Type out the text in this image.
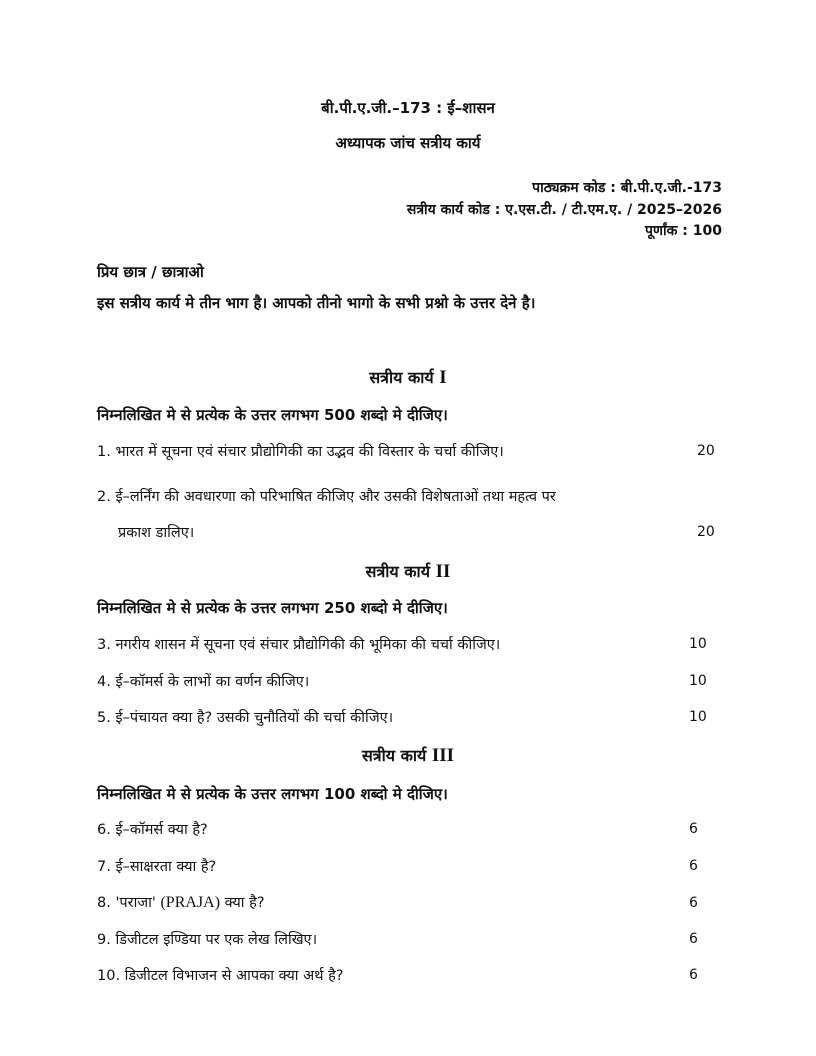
बी.पी.ए.जी.–173 : ई–शासन
अध्यापक जांच सत्रीय कार्य
पाठ्यक्रम कोड : बी.पी.ए.जी.-173
सत्रीय कार्य कोड : ए.एस.टी. / टी.एम.ए. / 2025–2026
पूर्णांक : 100
प्रिय छात्र / छात्राओ
इस सत्रीय कार्य मे तीन भाग है। आपको तीनो भागो के सभी प्रश्नो के उत्तर देने है।
सत्रीय कार्य I
निम्नलिखित मे से प्रत्येक के उत्तर लगभग 500 शब्दो मे दीजिए।
1. भारत में सूचना एवं संचार प्रौद्योगिकी का उद्भव की विस्तार के चर्चा कीजिए।	20
2. ई–लर्निंग की अवधारणा को परिभाषित कीजिए और उसकी विशेषताओं तथा महत्व पर
प्रकाश डालिए।	20
सत्रीय कार्य II
निम्नलिखित मे से प्रत्येक के उत्तर लगभग 250 शब्दो मे दीजिए।
3. नगरीय शासन में सूचना एवं संचार प्रौद्योगिकी की भूमिका की चर्चा कीजिए।	10
4. ई–कॉमर्स के लाभों का वर्णन कीजिए।	10
5. ई–पंचायत क्या है? उसकी चुनौतियों की चर्चा कीजिए।	10
सत्रीय कार्य III
निम्नलिखित मे से प्रत्येक के उत्तर लगभग 100 शब्दो मे दीजिए।
6. ई–कॉमर्स क्या है?	6
7. ई–साक्षरता क्या है?	6
8. 'पराजा' (PRAJA) क्या है?	6
9. डिजीटल इण्डिया पर एक लेख लिखिए।	6
10. डिजीटल विभाजन से आपका क्या अर्थ है?	6
